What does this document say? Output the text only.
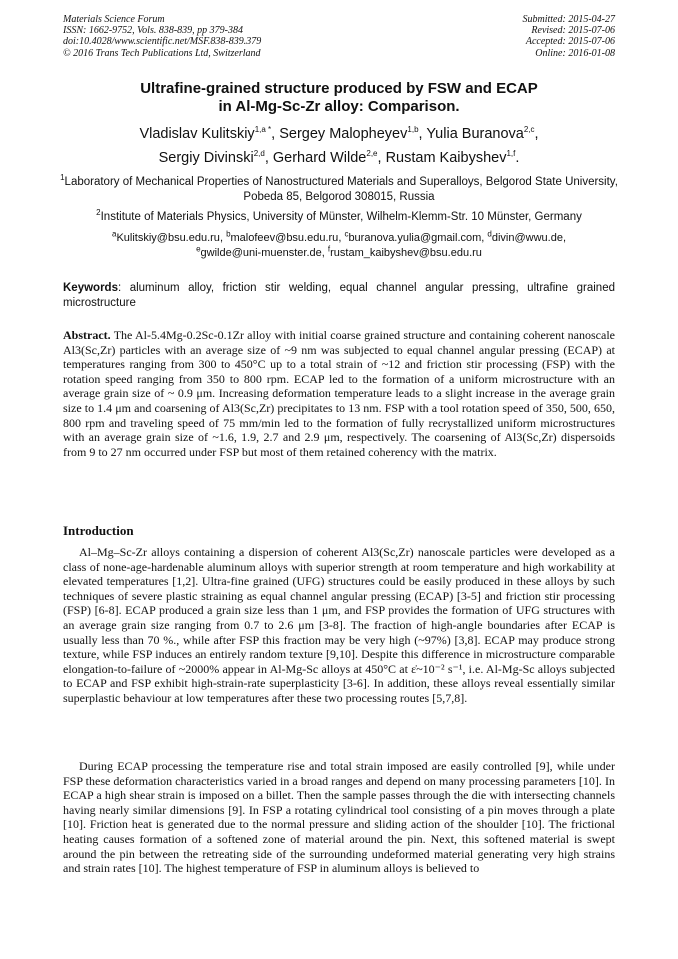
Materials Science Forum
ISSN: 1662-9752, Vols. 838-839, pp 379-384
doi:10.4028/www.scientific.net/MSF.838-839.379
© 2016 Trans Tech Publications Ltd, Switzerland
Submitted: 2015-04-27
Revised: 2015-07-06
Accepted: 2015-07-06
Online: 2016-01-08
Ultrafine-grained structure produced by FSW and ECAP
in Al-Mg-Sc-Zr alloy: Comparison.
Vladislav Kulitskiy$^{1,a *}$, Sergey Malopheyev$^{1,b}$, Yulia Buranova$^{2,c}$,
Sergiy Divinski$^{2,d}$, Gerhard Wilde$^{2,e}$, Rustam Kaibyshev$^{1,f}$.
$^1$Laboratory of Mechanical Properties of Nanostructured Materials and Superalloys, Belgorod State University, Pobeda 85, Belgorod 308015, Russia
$^2$Institute of Materials Physics, University of Münster, Wilhelm-Klemm-Str. 10 Münster, Germany
$^a$Kulitskiy@bsu.edu.ru, $^b$malofeev@bsu.edu.ru, $^c$buranova.yulia@gmail.com, $^d$divin@wwu.de,
$^e$gwilde@uni-muenster.de, $^f$rustam_kaibyshev@bsu.edu.ru
Keywords: aluminum alloy, friction stir welding, equal channel angular pressing, ultrafine grained microstructure
Abstract. The Al-5.4Mg-0.2Sc-0.1Zr alloy with initial coarse grained structure and containing coherent nanoscale Al3(Sc,Zr) particles with an average size of ~9 nm was subjected to equal channel angular pressing (ECAP) at temperatures ranging from 300 to 450°C up to a total strain of ~12 and friction stir processing (FSP) with the rotation speed ranging from 350 to 800 rpm. ECAP led to the formation of a uniform microstructure with an average grain size of ~ 0.9 μm. Increasing deformation temperature leads to a slight increase in the average grain size to 1.4 μm and coarsening of Al3(Sc,Zr) precipitates to 13 nm. FSP with a tool rotation speed of 350, 500, 650, 800 rpm and traveling speed of 75 mm/min led to the formation of fully recrystallized uniform microstructures with an average grain size of ~1.6, 1.9, 2.7 and 2.9 μm, respectively. The coarsening of Al3(Sc,Zr) dispersoids from 9 to 27 nm occurred under FSP but most of them retained coherency with the matrix.
Introduction
Al–Mg–Sc-Zr alloys containing a dispersion of coherent Al3(Sc,Zr) nanoscale particles were developed as a class of none-age-hardenable aluminum alloys with superior strength at room temperature and high workability at elevated temperatures [1,2]. Ultra-fine grained (UFG) structures could be easily produced in these alloys by such techniques of severe plastic straining as equal channel angular pressing (ECAP) [3-5] and friction stir processing (FSP) [6-8]. ECAP produced a grain size less than 1 μm, and FSP provides the formation of UFG structures with an average grain size ranging from 0.7 to 2.6 μm [3-8]. The fraction of high-angle boundaries after ECAP is usually less than 70 %., while after FSP this fraction may be very high (~97%) [3,8]. ECAP may produce strong texture, while FSP induces an entirely random texture [9,10]. Despite this difference in microstructure comparable elongation-to-failure of ~2000% appear in Al-Mg-Sc alloys at 450°C at ε̇~10⁻² s⁻¹, i.e. Al-Mg-Sc alloys subjected to ECAP and FSP exhibit high-strain-rate superplasticity [3-6]. In addition, these alloys reveal essentially similar superplastic behaviour at low temperatures after these two processing routes [5,7,8].
During ECAP processing the temperature rise and total strain imposed are easily controlled [9], while under FSP these deformation characteristics varied in a broad ranges and depend on many processing parameters [10]. In ECAP a high shear strain is imposed on a billet. Then the sample passes through the die with intersecting channels having nearly similar dimensions [9]. In FSP a rotating cylindrical tool consisting of a pin moves through a plate [10]. Friction heat is generated due to the normal pressure and sliding action of the shoulder [10]. The frictional heating causes formation of a softened zone of material around the pin. Next, this softened material is swept around the pin between the retreating side of the surrounding undeformed material generating very high strains and strain rates [10]. The highest temperature of FSP in aluminum alloys is believed to
